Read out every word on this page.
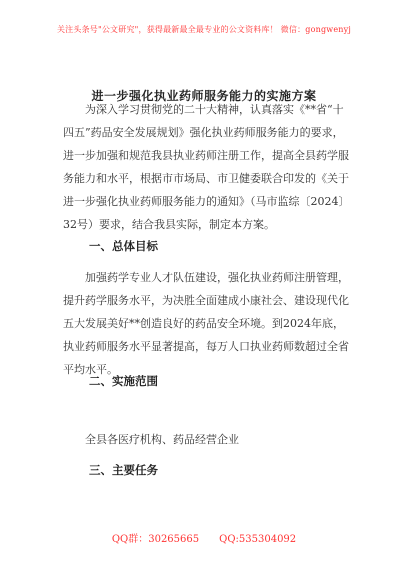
关注头条号"公文研究"，获得最新最全最专业的公文资料库！ 微信：gongwenyj
进一步强化执业药师服务能力的实施方案

为深入学习贯彻党的二十大精神，认真落实《**省“十四五”药品安全发展规划》强化执业药师服务能力的要求，进一步加强和规范我县执业药师注册工作，提高全县药学服务能力和水平，根据市市场局、市卫健委联合印发的《关于进一步强化执业药师服务能力的通知》（马市监综〔2024〕32号）要求，结合我县实际，制定本方案。

一、总体目标

加强药学专业人才队伍建设，强化执业药师注册管理，提升药学服务水平，为决胜全面建成小康社会、建设现代化五大发展美好**创造良好的药品安全环境。到2024年底，执业药师服务水平显著提高，每万人口执业药师数超过全省平均水平。

二、实施范围

全县各医疗机构、药品经营企业

三、主要任务
QQ群：30265665 QQ:535304092
